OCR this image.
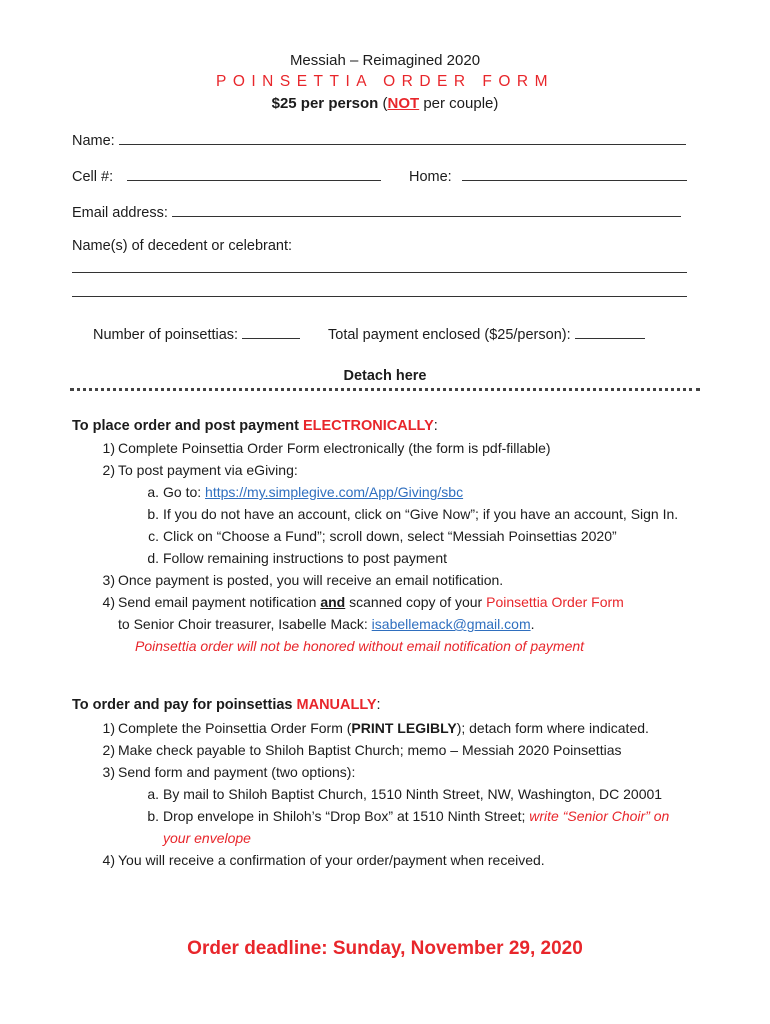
Messiah – Reimagined 2020
POINSETTIA ORDER FORM
$25 per person (NOT per couple)
Name:
Cell #:	Home:
Email address:
Name(s) of decedent or celebrant:
Number of poinsettias:	Total payment enclosed ($25/person):
Detach here
To place order and post payment ELECTRONICALLY:
1) Complete Poinsettia Order Form electronically (the form is pdf-fillable)
2) To post payment via eGiving:
a. Go to: https://my.simplegive.com/App/Giving/sbc
b. If you do not have an account, click on “Give Now”; if you have an account, Sign In.
c. Click on “Choose a Fund”; scroll down, select “Messiah Poinsettias 2020”
d. Follow remaining instructions to post payment
3) Once payment is posted, you will receive an email notification.
4) Send email payment notification and scanned copy of your Poinsettia Order Form
to Senior Choir treasurer, Isabelle Mack: isabellemack@gmail.com.
Poinsettia order will not be honored without email notification of payment
To order and pay for poinsettias MANUALLY:
1) Complete the Poinsettia Order Form (PRINT LEGIBLY); detach form where indicated.
2) Make check payable to Shiloh Baptist Church; memo – Messiah 2020 Poinsettias
3) Send form and payment (two options):
a. By mail to Shiloh Baptist Church, 1510 Ninth Street, NW, Washington, DC 20001
b. Drop envelope in Shiloh’s “Drop Box” at 1510 Ninth Street; write “Senior Choir” on your envelope
4) You will receive a confirmation of your order/payment when received.
Order deadline: Sunday, November 29, 2020
